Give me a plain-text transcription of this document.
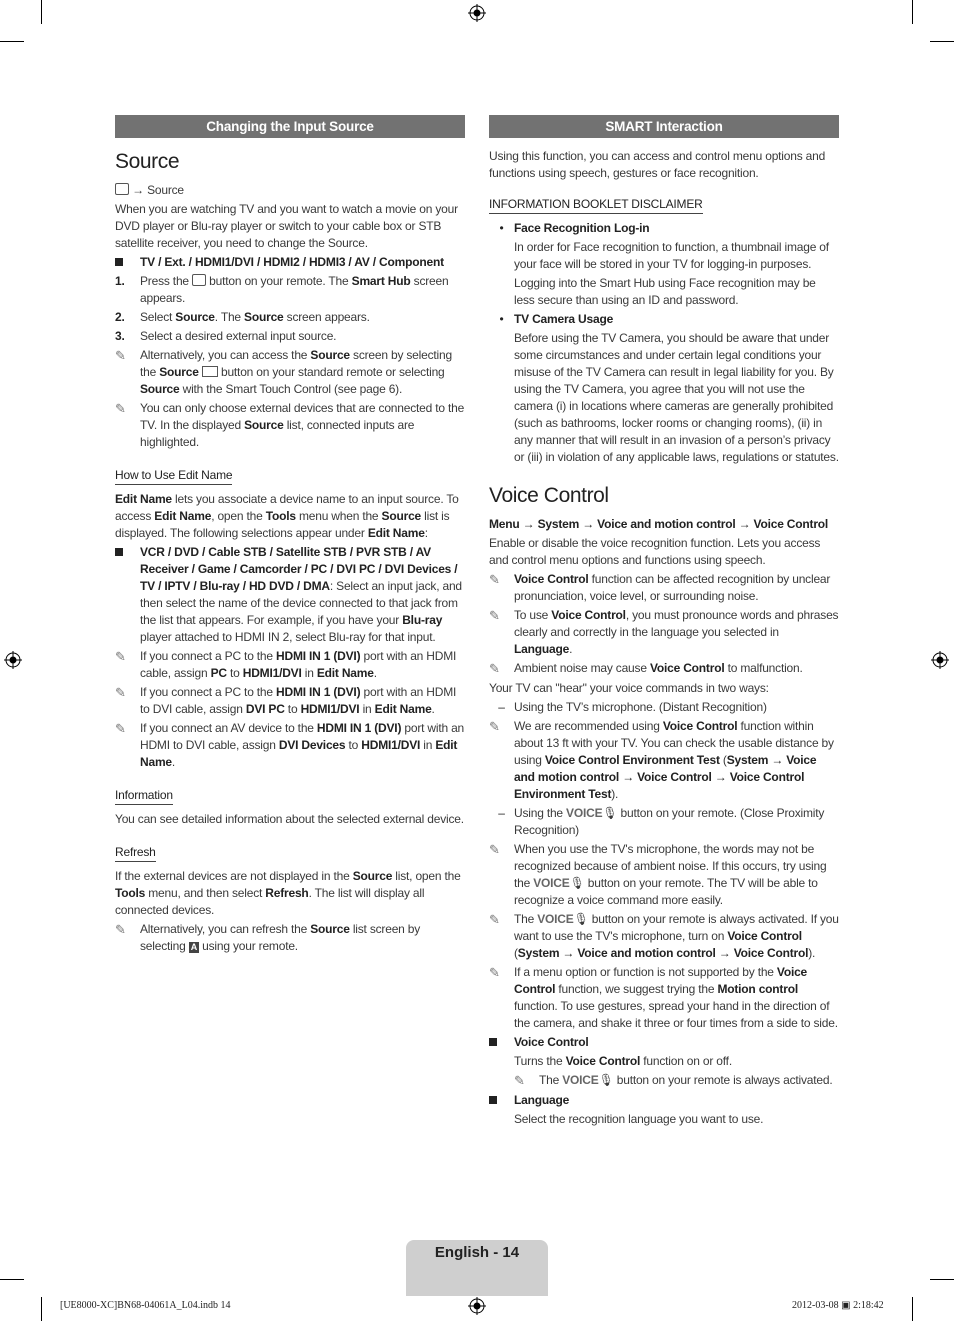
Changing the Input Source
Source

→ Source

When you are watching TV and you want to watch a movie on your DVD player or Blu-ray player or switch to your cable box or STB satellite receiver, you need to change the Source.

TV / Ext. / HDMI1/DVI / HDMI2 / HDMI3 / AV / Component
1.	Press the  button on your remote. The Smart Hub screen appears.
2.	Select Source. The Source screen appears.
3.	Select a desired external input source.
✎	Alternatively, you can access the Source screen by selecting the Source  button on your standard remote or selecting Source with the Smart Touch Control (see page 6).
✎	You can only choose external devices that are connected to the TV. In the displayed Source list, connected inputs are highlighted.
How to Use Edit Name

Edit Name lets you associate a device name to an input source. To access Edit Name, open the Tools menu when the Source list is displayed. The following selections appear under Edit Name:

VCR / DVD / Cable STB / Satellite STB / PVR STB / AV Receiver / Game / Camcorder / PC / DVI PC / DVI Devices / TV / IPTV / Blu-ray / HD DVD / DMA: Select an input jack, and then select the name of the device connected to that jack from the list that appears. For example, if you have your Blu-ray player attached to HDMI IN 2, select Blu-ray for that input.
✎	If you connect a PC to the HDMI IN 1 (DVI) port with an HDMI cable, assign PC to HDMI1/DVI in Edit Name.
✎	If you connect a PC to the HDMI IN 1 (DVI) port with an HDMI to DVI cable, assign DVI PC to HDMI1/DVI in Edit Name.
✎	If you connect an AV device to the HDMI IN 1 (DVI) port with an HDMI to DVI cable, assign DVI Devices to HDMI1/DVI in Edit Name.
Information

You can see detailed information about the selected external device.

Refresh

If the external devices are not displayed in the Source list, open the Tools menu, and then select Refresh. The list will display all connected devices.

✎	Alternatively, you can refresh the Source list screen by selecting A using your remote.
SMART Interaction

Using this function, you can access and control menu options and functions using speech, gestures or face recognition.

INFORMATION BOOKLET DISCLAIMER
• Face Recognition Log-in

In order for Face recognition to function, a thumbnail image of your face will be stored in your TV for logging-in purposes.

Logging into the Smart Hub using Face recognition may be less secure than using an ID and password.

• TV Camera Usage

Before using the TV Camera, you should be aware that under some circumstances and under certain legal conditions your misuse of the TV Camera can result in legal liability for you. By using the TV Camera, you agree that you will not use the camera (i) in locations where cameras are generally prohibited (such as bathrooms, locker rooms or changing rooms), (ii) in any manner that will result in an invasion of a person’s privacy or (iii) in violation of any applicable laws, regulations or statutes.

Voice Control

Menu → System → Voice and motion control → Voice Control

Enable or disable the voice recognition function. Lets you access and control menu options and functions using speech.

✎	Voice Control function can be affected recognition by unclear pronunciation, voice level, or surrounding noise.
✎	To use Voice Control, you must pronounce words and phrases clearly and correctly in the language you selected in Language.
✎	Ambient noise may cause Voice Control to malfunction.

Your TV can "hear" your voice commands in two ways:

– Using the TV’s microphone. (Distant Recognition)
✎	We are recommended using Voice Control function within about 13 ft with your TV. You can check the usable distance by using Voice Control Environment Test (System → Voice and motion control → Voice Control → Voice Control Environment Test).
– Using the VOICE🎙 button on your remote. (Close Proximity Recognition)
✎	When you use the TV's microphone, the words may not be recognized because of ambient noise. If this occurs, try using the VOICE🎙 button on your remote. The TV will be able to recognize a voice command more easily.
✎	The VOICE🎙 button on your remote is always activated. If you want to use the TV's microphone, turn on Voice Control (System → Voice and motion control → Voice Control).
✎	If a menu option or function is not supported by the Voice Control function, we suggest trying the Motion control function. To use gestures, spread your hand in the direction of the camera, and shake it three or four times from a side to side.
Voice Control

Turns the Voice Control function on or off.

✎	The VOICE🎙 button on your remote is always activated.
Language

Select the recognition language you want to use.

English - 14
[UE8000-XC]BN68-04061A_L04.indb 14	2012-03-08 ▣ 2:18:42
